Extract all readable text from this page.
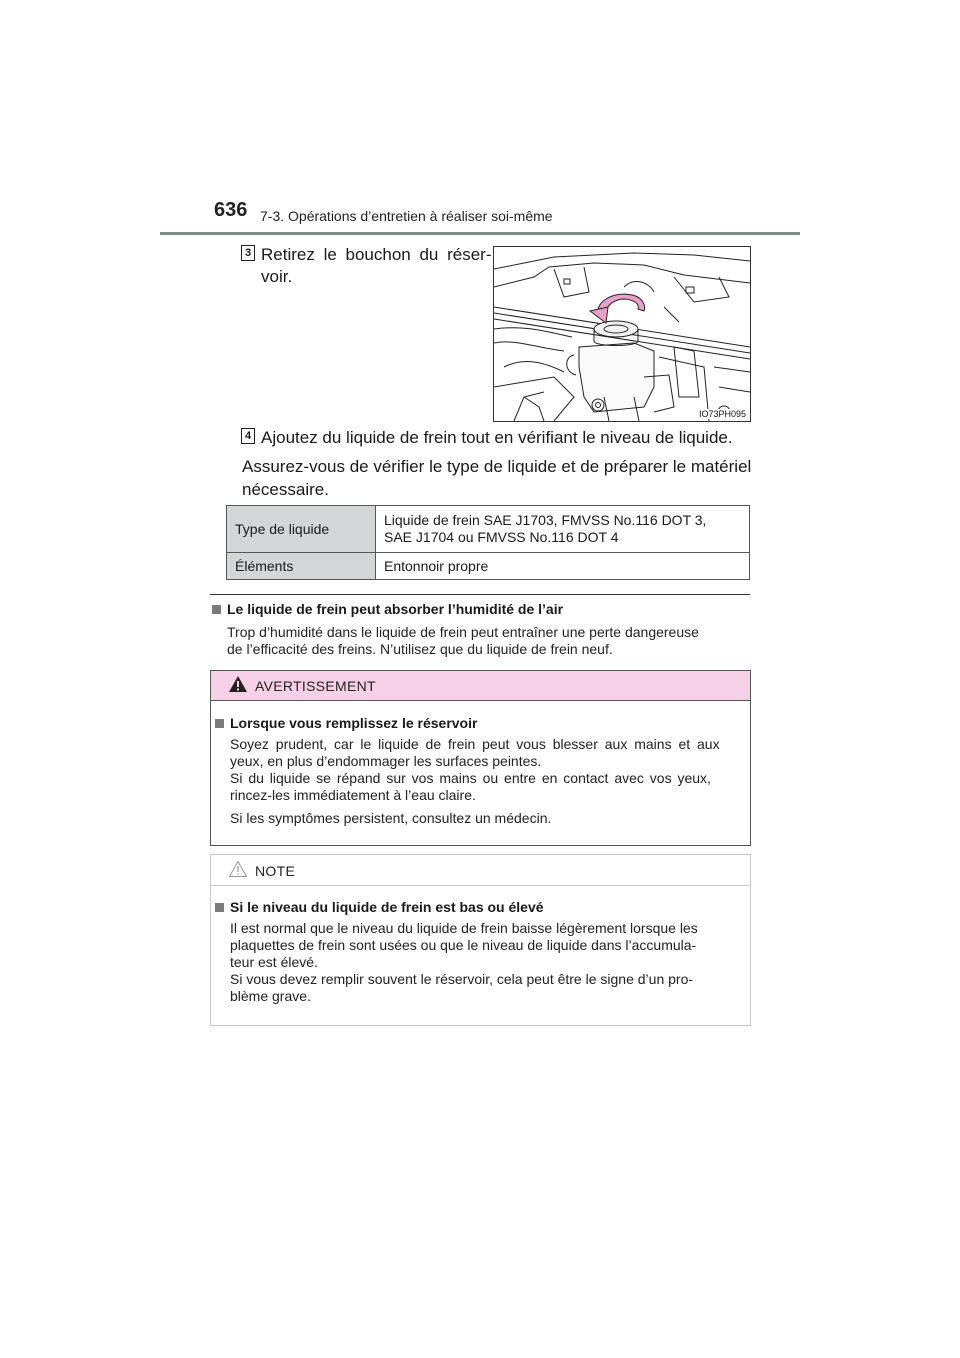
636 7-3. Opérations d’entretien à réaliser soi-même
3 Retirez le bouchon du réser-
voir.
IO73PH095
4 Ajoutez du liquide de frein tout en vérifiant le niveau de liquide.
Assurez-vous de vérifier le type de liquide et de préparer le matériel
nécessaire.
Type de liquide	Liquide de frein SAE J1703, FMVSS No.116 DOT 3,
SAE J1704 ou FMVSS No.116 DOT 4

Éléments	Entonnoir propre
Le liquide de frein peut absorber l’humidité de l’air
Trop d’humidité dans le liquide de frein peut entraîner une perte dangereuse
de l’efficacité des freins. N’utilisez que du liquide de frein neuf.
AVERTISSEMENT
Lorsque vous remplissez le réservoir
Soyez prudent, car le liquide de frein peut vous blesser aux mains et aux
yeux, en plus d’endommager les surfaces peintes.
Si du liquide se répand sur vos mains ou entre en contact avec vos yeux,
rincez-les immédiatement à l’eau claire.
Si les symptômes persistent, consultez un médecin.
NOTE
Si le niveau du liquide de frein est bas ou élevé
Il est normal que le niveau du liquide de frein baisse légèrement lorsque les
plaquettes de frein sont usées ou que le niveau de liquide dans l’accumula-
teur est élevé.
Si vous devez remplir souvent le réservoir, cela peut être le signe d’un pro-
blème grave.
